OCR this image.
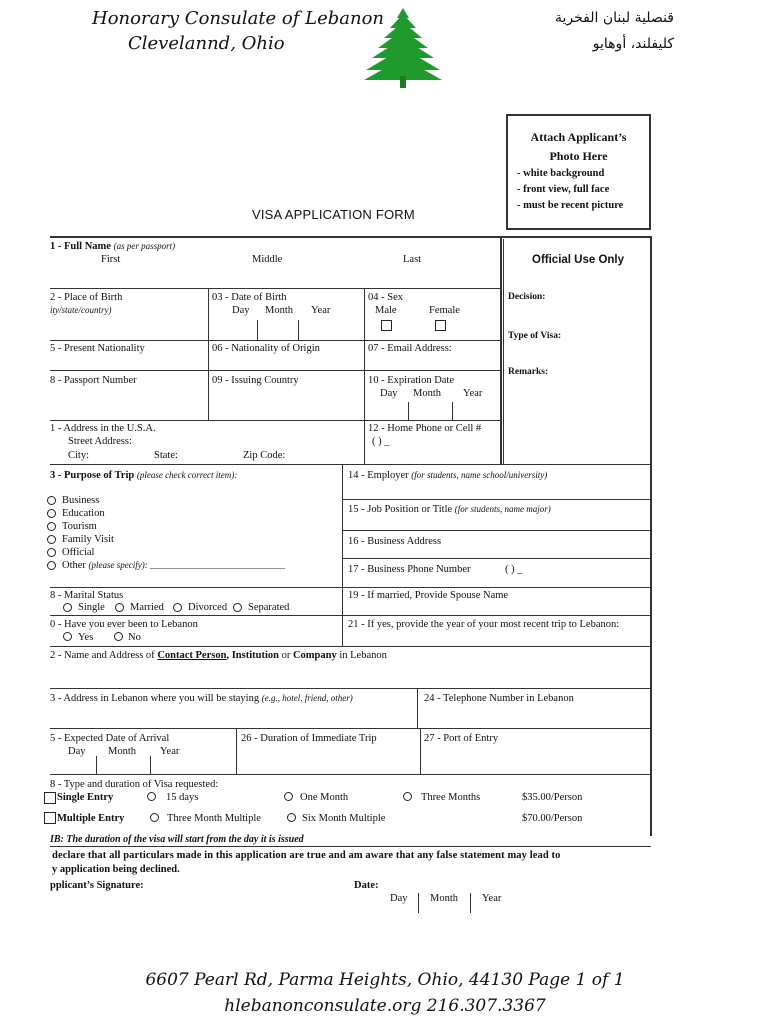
Honorary Consulate of Lebanon
Clevelannd, Ohio
قنصلية لبنان الفخرية
كليفلند، أوهايو
Attach Applicant’s
Photo Here
- white background
- front view, full face
- must be recent picture
VISA APPLICATION FORM
Official Use Only
Decision:
Type of Visa:
Remarks:
1 - Full Name (as per passport)
First	Middle	Last
2 - Place of Birth
ity/state/country)
03 - Date of Birth
Day Month Year
04 - Sex
Male	Female
5 - Present Nationality	06 - Nationality of Origin	07 - Email Address:
8 - Passport Number	09 - Issuing Country	10 - Expiration Date
Day Month Year
1 - Address in the U.S.A.
Street Address:
City:	State:	Zip Code:
12 - Home Phone or Cell #
( ) _
3 - Purpose of Trip (please check correct item):
Business
Education
Tourism
Family Visit
Official
Other (please specify): ______________________________
14 - Employer (for students, name school/university)
15 - Job Position or Title (for students, name major)
16 - Business Address
17 - Business Phone Number	( ) _
8 - Marital Status
Single Married Divorced Separated
19 - If married, Provide Spouse Name
0 - Have you ever been to Lebanon
Yes	No
21 - If yes, provide the year of your most recent trip to Lebanon:
2 - Name and Address of Contact Person, Institution or Company in Lebanon
3 - Address in Lebanon where you will be staying (e.g., hotel, friend, other)	24 - Telephone Number in Lebanon
5 - Expected Date of Arrival
Day Month Year
26 - Duration of Immediate Trip	27 - Port of Entry
8 - Type and duration of Visa requested:
Single Entry	15 days	One Month	Three Months	$35.00/Person
Multiple Entry	Three Month Multiple	Six Month Multiple	$70.00/Person
IB: The duration of the visa will start from the day it is issued
declare that all particulars made in this application are true and am aware that any false statement may lead to
y application being declined.
pplicant’s Signature:	Date:
Day Month Year
6607 Pearl Rd, Parma Heights, Ohio, 44130 Page 1 of 1
hlebanonconsulate.org 216.307.3367
